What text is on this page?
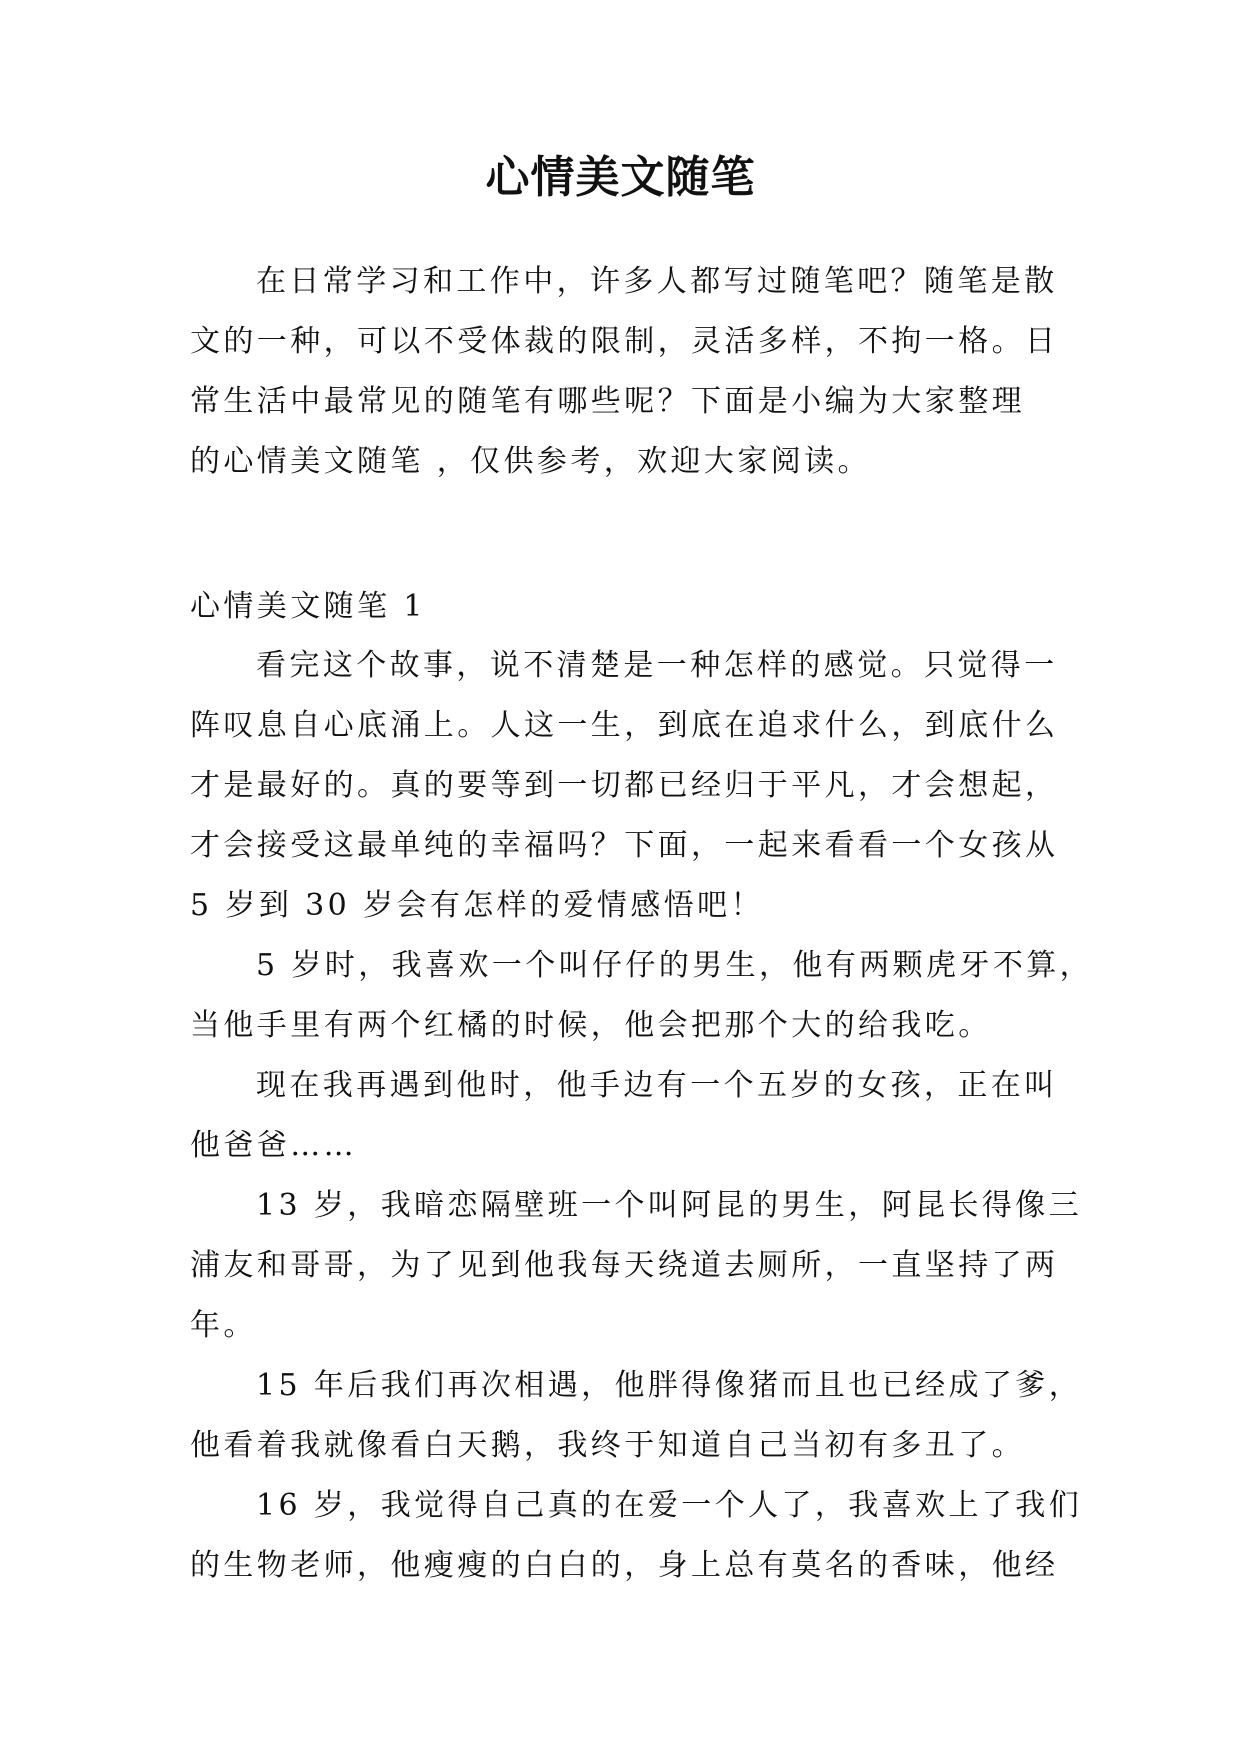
心情美文随笔
在日常学习和工作中，许多人都写过随笔吧？随笔是散
文的一种，可以不受体裁的限制，灵活多样，不拘一格。日
常生活中最常见的随笔有哪些呢？下面是小编为大家整理
的心情美文随笔 ，仅供参考，欢迎大家阅读。
心情美文随笔 1
看完这个故事，说不清楚是一种怎样的感觉。只觉得一
阵叹息自心底涌上。人这一生，到底在追求什么，到底什么
才是最好的。真的要等到一切都已经归于平凡，才会想起，
才会接受这最单纯的幸福吗？下面，一起来看看一个女孩从
5 岁到 30 岁会有怎样的爱情感悟吧！
5 岁时，我喜欢一个叫仔仔的男生，他有两颗虎牙不算，
当他手里有两个红橘的时候，他会把那个大的给我吃。
现在我再遇到他时，他手边有一个五岁的女孩，正在叫
他爸爸……
13 岁，我暗恋隔壁班一个叫阿昆的男生，阿昆长得像三
浦友和哥哥，为了见到他我每天绕道去厕所，一直坚持了两
年。
15 年后我们再次相遇，他胖得像猪而且也已经成了爹，
他看着我就像看白天鹅，我终于知道自己当初有多丑了。
16 岁，我觉得自己真的在爱一个人了，我喜欢上了我们
的生物老师，他瘦瘦的白白的，身上总有莫名的香味，他经
